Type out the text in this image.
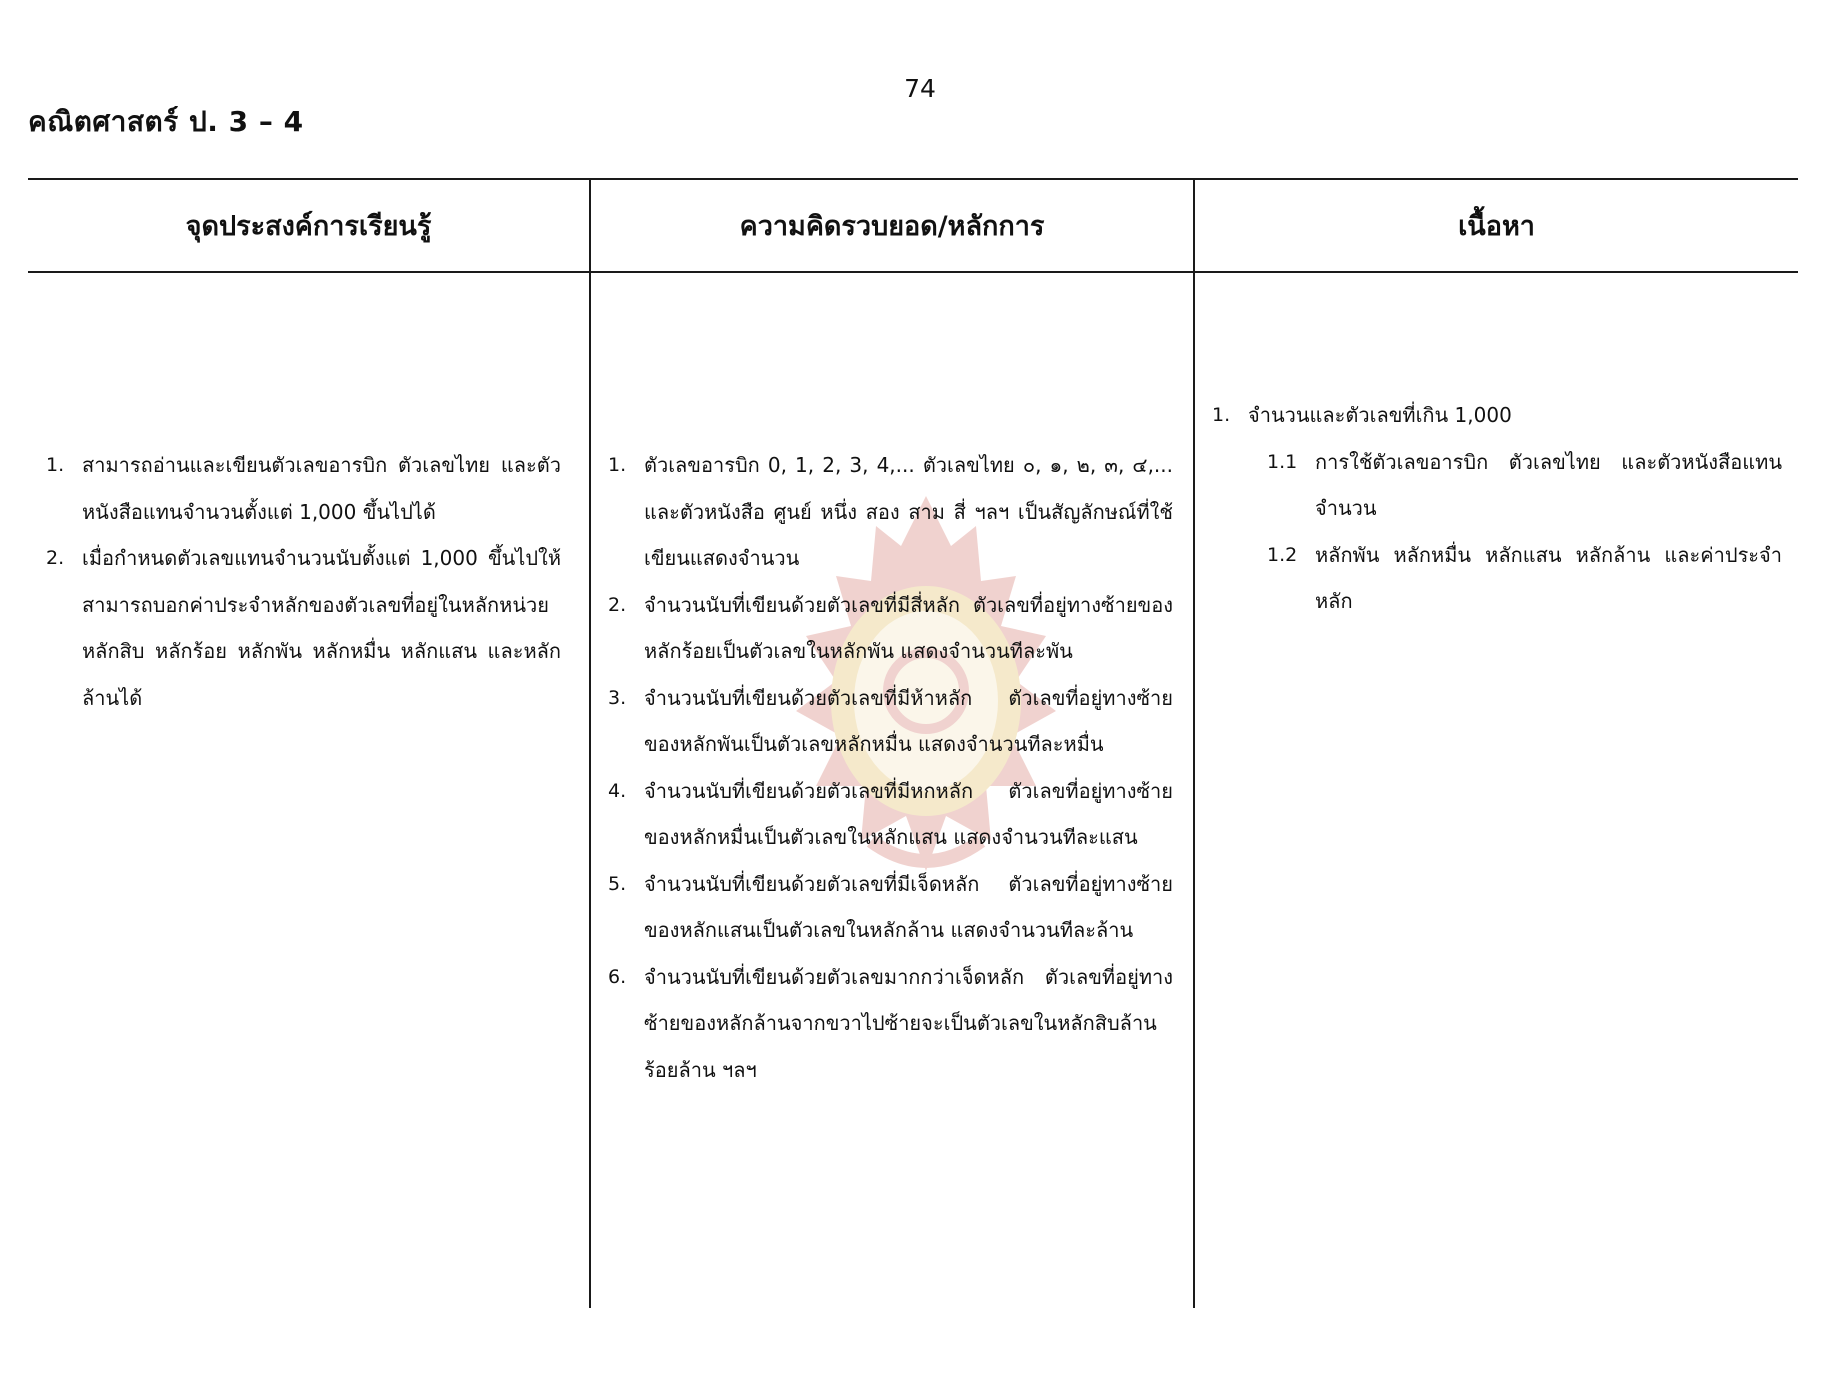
74
คณิตศาสตร์ ป. 3 – 4
จุดประสงค์การเรียนรู้	ความคิดรวบยอด/หลักการ	เนื้อหา
1. สามารถอ่านและเขียนตัวเลขอารบิก ตัวเลขไทย และตัวหนังสือแทนจำนวนตั้งแต่ 1,000 ขึ้นไปได้
2. เมื่อกำหนดตัวเลขแทนจำนวนนับตั้งแต่ 1,000 ขึ้นไปให้ สามารถบอกค่าประจำหลักของตัวเลขที่อยู่ในหลักหน่วย หลักสิบ หลักร้อย หลักพัน หลักหมื่น หลักแสน และหลักล้านได้
1. ตัวเลขอารบิก 0, 1, 2, 3, 4,... ตัวเลขไทย ๐, ๑, ๒, ๓, ๔,... และตัวหนังสือ ศูนย์ หนึ่ง สอง สาม สี่ ฯลฯ เป็นสัญลักษณ์ที่ใช้เขียนแสดงจำนวน
2. จำนวนนับที่เขียนด้วยตัวเลขที่มีสี่หลัก ตัวเลขที่อยู่ทางซ้ายของหลักร้อยเป็นตัวเลขในหลักพัน แสดงจำนวนทีละพัน
3. จำนวนนับที่เขียนด้วยตัวเลขที่มีห้าหลัก ตัวเลขที่อยู่ทางซ้ายของหลักพันเป็นตัวเลขหลักหมื่น แสดงจำนวนทีละหมื่น
4. จำนวนนับที่เขียนด้วยตัวเลขที่มีหกหลัก ตัวเลขที่อยู่ทางซ้ายของหลักหมื่นเป็นตัวเลขในหลักแสน แสดงจำนวนทีละแสน
5. จำนวนนับที่เขียนด้วยตัวเลขที่มีเจ็ดหลัก ตัวเลขที่อยู่ทางซ้ายของหลักแสนเป็นตัวเลขในหลักล้าน แสดงจำนวนทีละล้าน
6. จำนวนนับที่เขียนด้วยตัวเลขมากกว่าเจ็ดหลัก ตัวเลขที่อยู่ทางซ้ายของหลักล้านจากขวาไปซ้ายจะเป็นตัวเลขในหลักสิบล้าน ร้อยล้าน ฯลฯ
1. จำนวนและตัวเลขที่เกิน 1,000
1.1 การใช้ตัวเลขอารบิก ตัวเลขไทย และตัวหนังสือแทนจำนวน
1.2 หลักพัน หลักหมื่น หลักแสน หลักล้าน และค่าประจำหลัก
